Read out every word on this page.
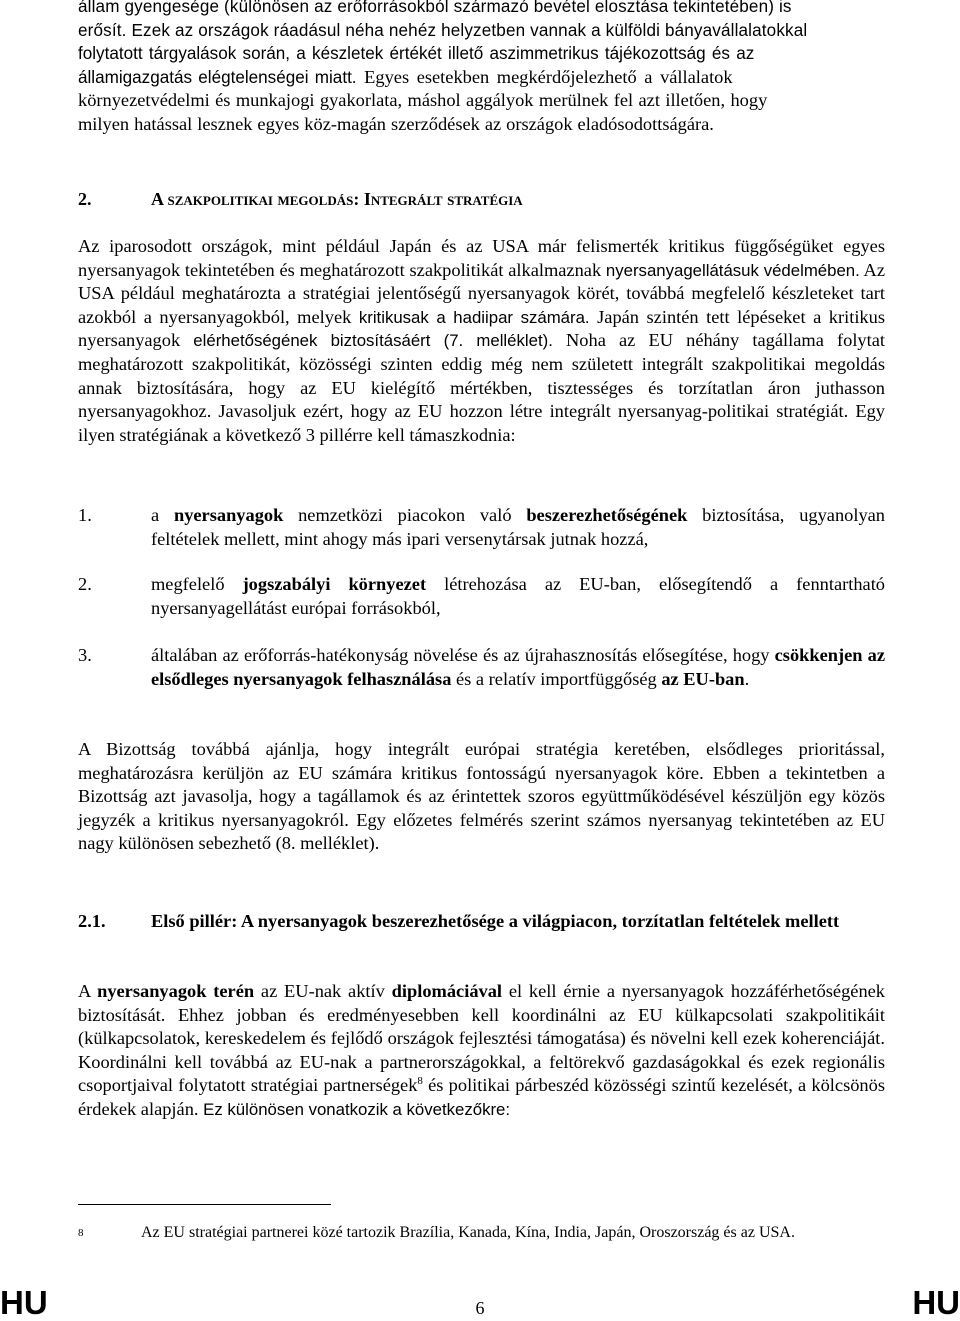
állam gyengesége (különösen az erőforrásokból származó bevétel elosztása tekintetében) is

erősít. Ezek az országok ráadásul néha nehéz helyzetben vannak a külföldi bányavállalatokkal

folytatott tárgyalások során, a készletek értékét illető aszimmetrikus tájékozottság és az

államigazgatás elégtelenségei miatt. Egyes esetekben megkérdőjelezhető a vállalatok

környezetvédelmi és munkajogi gyakorlata, máshol aggályok merülnek fel azt illetően, hogy

milyen hatással lesznek egyes köz-magán szerződések az országok eladósodottságára.

2.	A szakpolitikai megoldás: Integrált stratégia

Az iparosodott országok, mint például Japán és az USA már felismerték kritikus függőségüket egyes nyersanyagok tekintetében és meghatározott szakpolitikát alkalmaznak nyersanyagellátásuk védelmében. Az USA például meghatározta a stratégiai jelentőségű nyersanyagok körét, továbbá megfelelő készleteket tart azokból a nyersanyagokból, melyek kritikusak a hadiipar számára. Japán szintén tett lépéseket a kritikus nyersanyagok elérhetőségének biztosításáért (7. melléklet). Noha az EU néhány tagállama folytat meghatározott szakpolitikát, közösségi szinten eddig még nem született integrált szakpolitikai megoldás annak biztosítására, hogy az EU kielégítő mértékben, tisztességes és torzítatlan áron juthasson nyersanyagokhoz. Javasoljuk ezért, hogy az EU hozzon létre integrált nyersanyag-politikai stratégiát. Egy ilyen stratégiának a következő 3 pillérre kell támaszkodnia:

1.	a nyersanyagok nemzetközi piacokon való beszerezhetőségének biztosítása, ugyanolyan feltételek mellett, mint ahogy más ipari versenytársak jutnak hozzá,
2.	megfelelő jogszabályi környezet létrehozása az EU-ban, elősegítendő a fenntartható nyersanyagellátást európai forrásokból,
3.	általában az erőforrás-hatékonyság növelése és az újrahasznosítás elősegítése, hogy csökkenjen az elsődleges nyersanyagok felhasználása és a relatív importfüggőség az EU-ban.

A Bizottság továbbá ajánlja, hogy integrált európai stratégia keretében, elsődleges prioritással, meghatározásra kerüljön az EU számára kritikus fontosságú nyersanyagok köre. Ebben a tekintetben a Bizottság azt javasolja, hogy a tagállamok és az érintettek szoros együttműködésével készüljön egy közös jegyzék a kritikus nyersanyagokról. Egy előzetes felmérés szerint számos nyersanyag tekintetében az EU nagy különösen sebezhető (8. melléklet).

2.1.	Első pillér: A nyersanyagok beszerezhetősége a világpiacon, torzítatlan feltételek mellett

A nyersanyagok terén az EU-nak aktív diplomáciával el kell érnie a nyersanyagok hozzáférhetőségének biztosítását. Ehhez jobban és eredményesebben kell koordinálni az EU külkapcsolati szakpolitikáit (külkapcsolatok, kereskedelem és fejlődő országok fejlesztési támogatása) és növelni kell ezek koherenciáját. Koordinálni kell továbbá az EU-nak a partnerországokkal, a feltörekvő gazdaságokkal és ezek regionális csoportjaival folytatott stratégiai partnerségek$^8$ és politikai párbeszéd közösségi szintű kezelését, a kölcsönös érdekek alapján. Ez különösen vonatkozik a következőkre:

8	Az EU stratégiai partnerei közé tartozik Brazília, Kanada, Kína, India, Japán, Oroszország és az USA.
HU	6	HU
